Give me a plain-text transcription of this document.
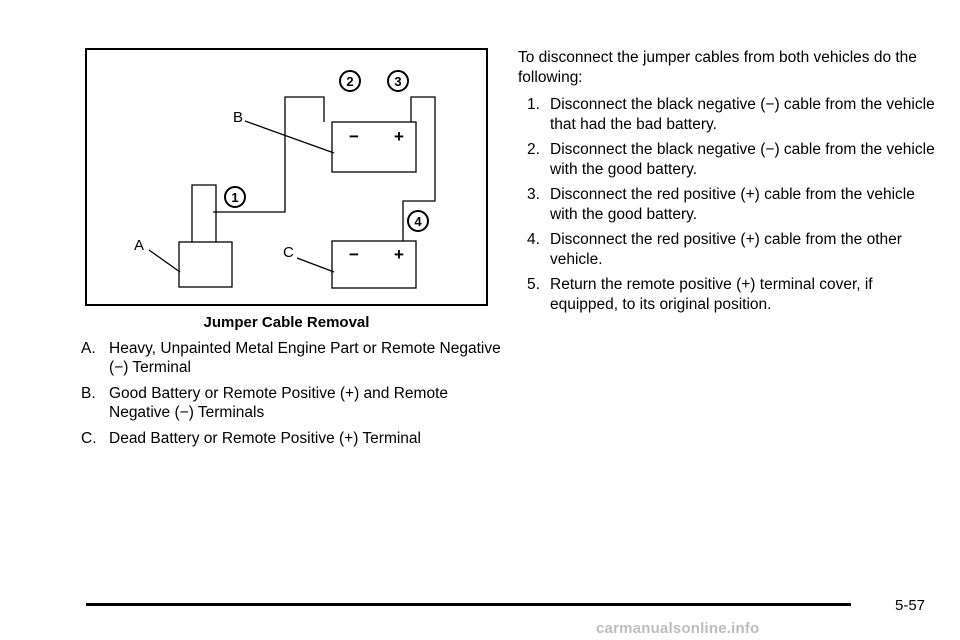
− +
− +
A
B
C
1
2	3
4
Jumper Cable Removal
A. Heavy, Unpainted Metal Engine Part or Remote Negative (−) Terminal
B. Good Battery or Remote Positive (+) and Remote Negative (−) Terminals
C. Dead Battery or Remote Positive (+) Terminal

To disconnect the jumper cables from both vehicles do the following:

1. Disconnect the black negative (−) cable from the vehicle that had the bad battery.
2. Disconnect the black negative (−) cable from the vehicle with the good battery.
3. Disconnect the red positive (+) cable from the vehicle with the good battery.
4. Disconnect the red positive (+) cable from the other vehicle.
5. Return the remote positive (+) terminal cover, if equipped, to its original position.
5-57
carmanualsonline.info
